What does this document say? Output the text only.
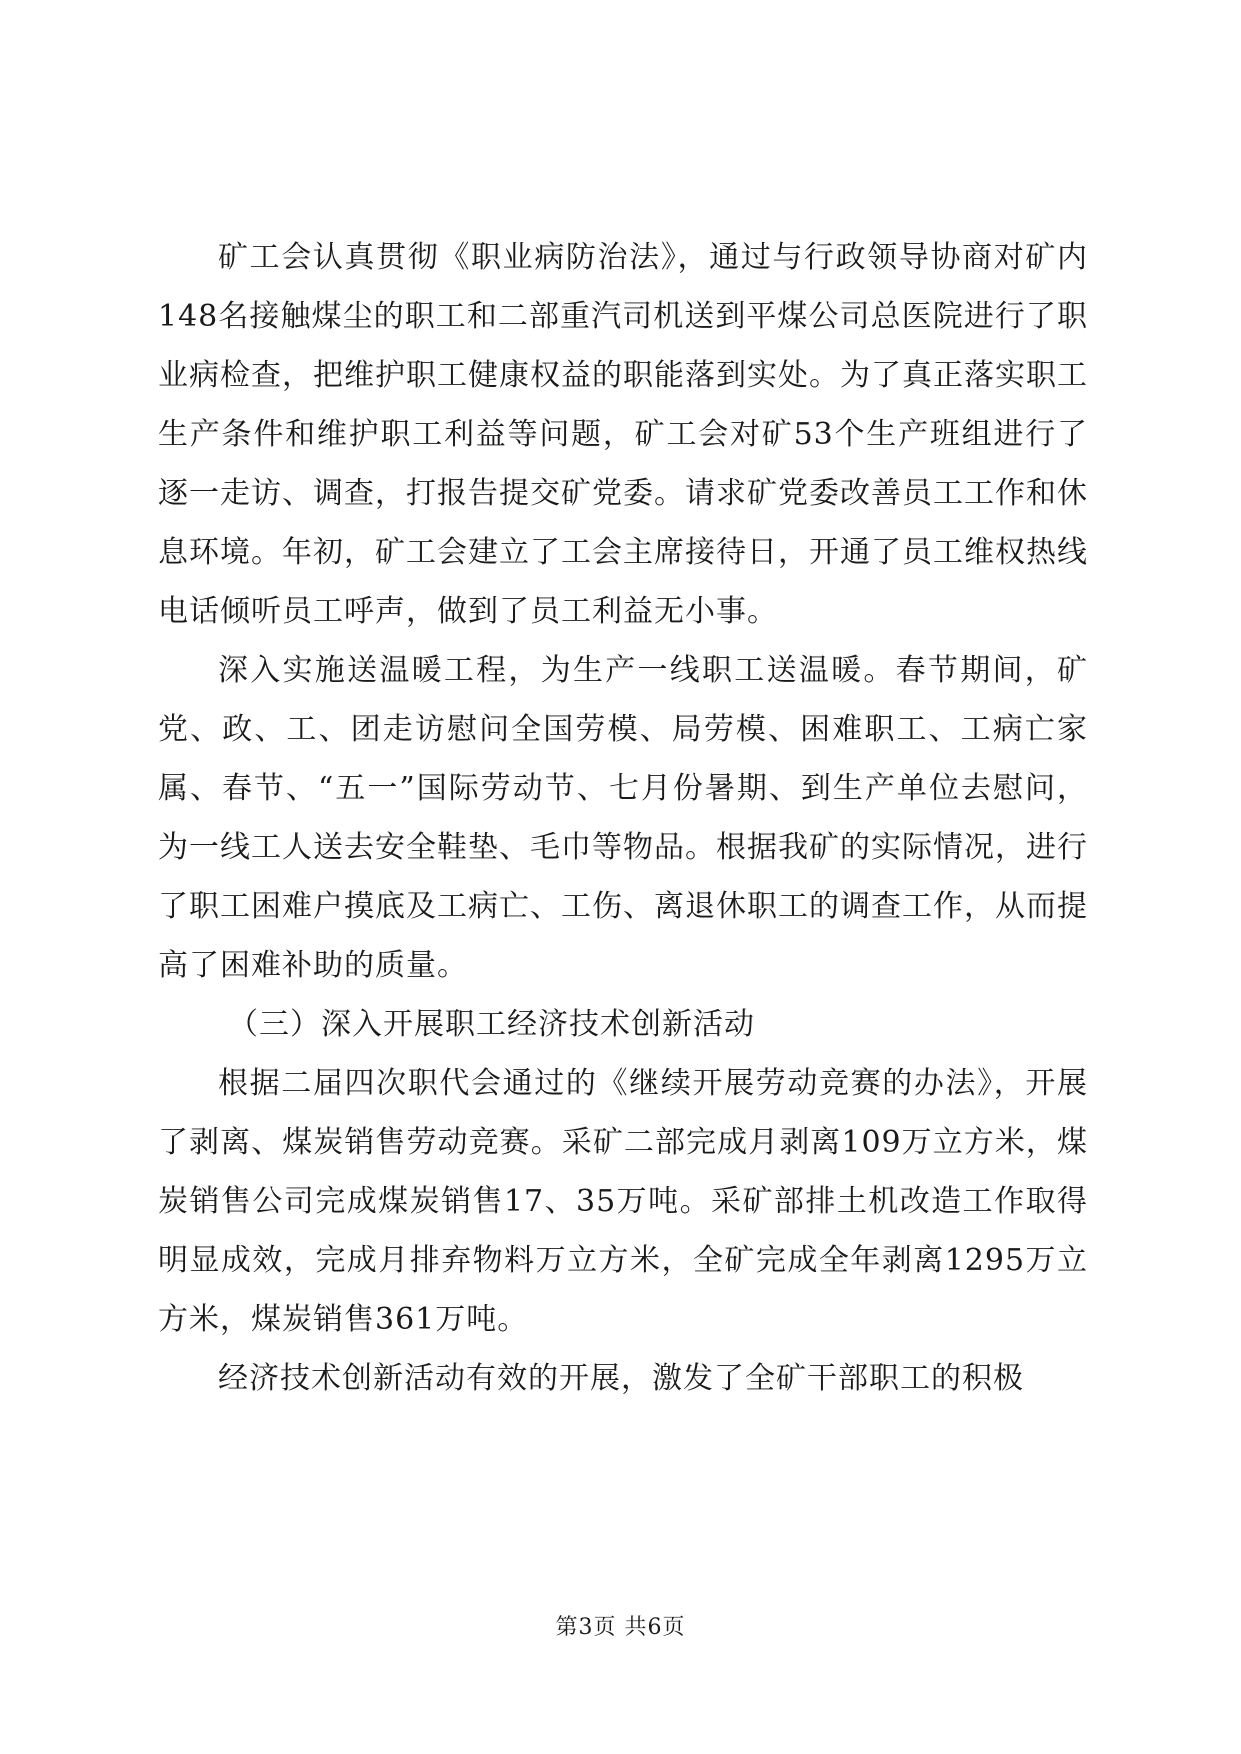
矿工会认真贯彻《职业病防治法》，通过与行政领导协商对矿内148名接触煤尘的职工和二部重汽司机送到平煤公司总医院进行了职业病检查，把维护职工健康权益的职能落到实处。为了真正落实职工生产条件和维护职工利益等问题，矿工会对矿53个生产班组进行了逐一走访、调查，打报告提交矿党委。请求矿党委改善员工工作和休息环境。年初，矿工会建立了工会主席接待日，开通了员工维权热线电话倾听员工呼声，做到了员工利益无小事。

深入实施送温暖工程，为生产一线职工送温暖。春节期间，矿党、政、工、团走访慰问全国劳模、局劳模、困难职工、工病亡家属、春节、“五一”国际劳动节、七月份暑期、到生产单位去慰问，为一线工人送去安全鞋垫、毛巾等物品。根据我矿的实际情况，进行了职工困难户摸底及工病亡、工伤、离退休职工的调查工作，从而提高了困难补助的质量。

（三）深入开展职工经济技术创新活动

根据二届四次职代会通过的《继续开展劳动竞赛的办法》，开展了剥离、煤炭销售劳动竞赛。采矿二部完成月剥离109万立方米，煤炭销售公司完成煤炭销售17、35万吨。采矿部排土机改造工作取得明显成效，完成月排弃物料万立方米，全矿完成全年剥离1295万立方米，煤炭销售361万吨。

经济技术创新活动有效的开展，激发了全矿干部职工的积极

第3页 共6页
